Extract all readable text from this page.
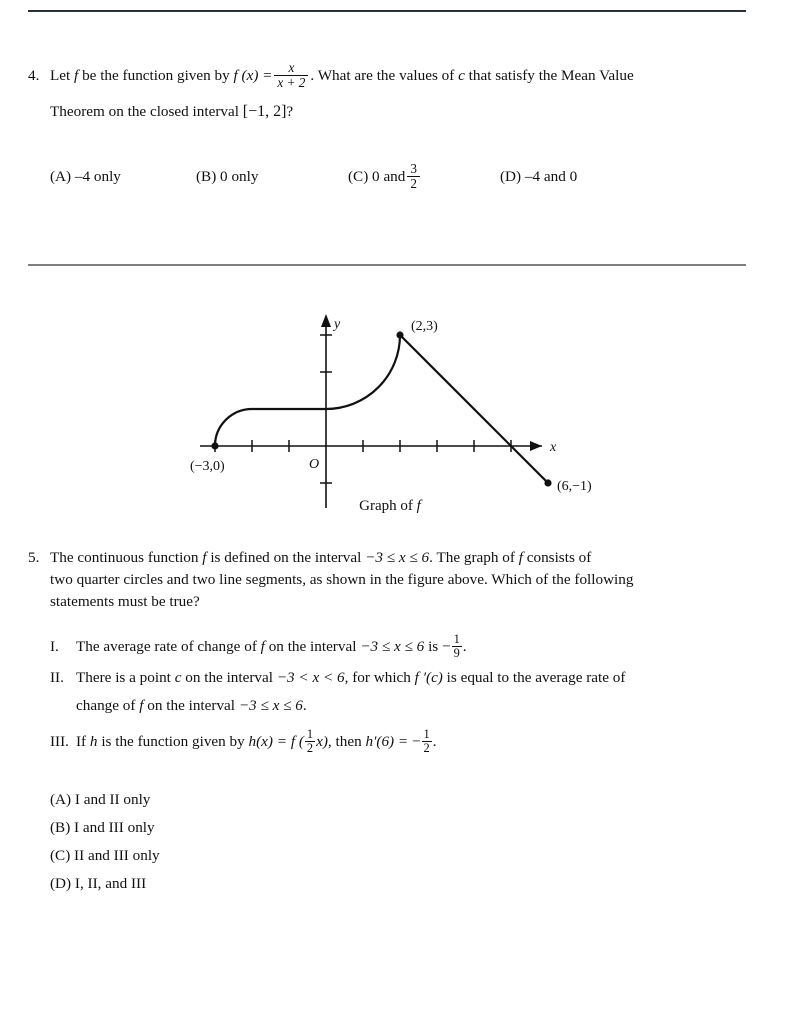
4. Let f be the function given by f $(x) = \frac{x}{x + 2}$ . What are the values of c that satisfy the Mean Value
Theorem on the closed interval [−1, 2]?
(A) –4 only	(B) 0 only	(C) 0 and $\frac{3}{2}$	(D) –4 and 0
(−3,0)
(2,3)
(6,−1)
O
x
y
Graph of f
5. The continuous function f is defined on the interval −3 ≤ x ≤ 6. The graph of f consists of
two quarter circles and two line segments, as shown in the figure above. Which of the following
statements must be true?
I. The average rate of change of f on the interval −3 ≤ x ≤ 6 is − $\frac{1}{9}$ .
II. There is a point c on the interval −3 < x < 6, for which f ′(c) is equal to the average rate of
change of f on the interval −3 ≤ x ≤ 6.
III. If h is the function given by h(x) = f ( $\frac{1}{2} x$), then h′(6) = − $\frac{1}{2}$ .
(A) I and II only
(B) I and III only
(C) II and III only
(D) I, II, and III
